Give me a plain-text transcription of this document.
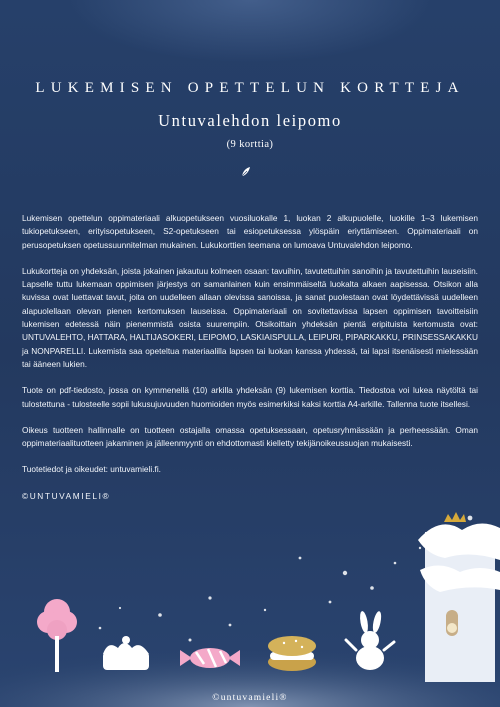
LUKEMISEN OPETTELUN KORTTEJA
Untuvalehdon leipomo
(9 korttia)

Lukemisen opettelun oppimateriaali alkuopetukseen vuosiluokalle 1, luokan 2 alkupuolelle, luokille 1–3 lukemisen tukiopetukseen, erityisopetukseen, S2-opetukseen tai esiopetuksessa ylöspäin eriyttämiseen. Oppimateriaali on perusopetuksen opetussuunnitelman mukainen. Lukukorttien teemana on lumoava Untuvalehdon leipomo.

Lukukortteja on yhdeksän, joista jokainen jakautuu kolmeen osaan: tavuihin, tavutettuihin sanoihin ja tavutettuihin lauseisiin. Lapselle tuttu lukemaan oppimisen järjestys on samanlainen kuin ensimmäiseltä luokalta alkaen aapisessa. Otsikon alla kuvissa ovat luettavat tavut, joita on uudelleen allaan olevissa sanoissa, ja sanat puolestaan ovat löydettävissä uudelleen alapuolellaan olevan pienen kertomuksen lauseissa. Oppimateriaali on sovitettavissa lapsen oppimisen tavoitteisiin lukemisen edetessä näin pienemmistä osista suurempiin. Otsikoittain yhdeksän pientä eripituista kertomusta ovat: UNTUVALEHTO, HATTARA, HALTIJASOKERI, LEIPOMO, LASKIAISPULLA, LEIPURI, PIPARKAKKU, PRINSESSAKAKKU ja NONPARELLI. Lukemista saa opeteltua materiaalilla lapsen tai luokan kanssa yhdessä, tai lapsi itsenäisesti mielessään tai ääneen lukien.

Tuote on pdf-tiedosto, jossa on kymmenellä (10) arkilla yhdeksän (9) lukemisen korttia. Tiedostoa voi lukea näytöltä tai tulostettuna - tulosteelle sopii lukusujuvuuden huomioiden myös esimerkiksi kaksi korttia A4-arkille. Tallenna tuote itsellesi.

Oikeus tuotteen hallinnalle on tuotteen ostajalla omassa opetuksessaan, opetusryhmässään ja perheessään. Oman oppimateriaalituotteen jakaminen ja jälleenmyynti on ehdottomasti kielletty tekijänoikeussuojan mukaisesti.

Tuotetiedot ja oikeudet: untuvamieli.fi.

©UNTUVAMIELI®

©untuvamieli®
